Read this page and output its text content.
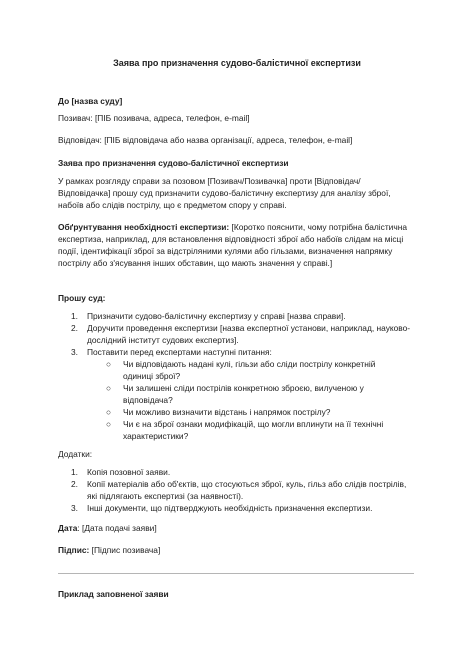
Заява про призначення судово-балістичної експертизи
До [назва суду]
Позивач: [ПІБ позивача, адреса, телефон, e-mail]
Відповідач: [ПІБ відповідача або назва організації, адреса, телефон, e-mail]
Заява про призначення судово-балістичної експертизи
У рамках розгляду справи за позовом [Позивач/Позивачка] проти [Відповідач/Відповідачка] прошу суд призначити судово-балістичну експертизу для аналізу зброї, набоїв або слідів пострілу, що є предметом спору у справі.
Обґрунтування необхідності експертизи: [Коротко пояснити, чому потрібна балістична експертиза, наприклад, для встановлення відповідності зброї або набоїв слідам на місці події, ідентифікації зброї за відстріляними кулями або гільзами, визначення напрямку пострілу або з'ясування інших обставин, що мають значення у справі.]
Прошу суд:
1. Призначити судово-балістичну експертизу у справі [назва справи].
2. Доручити проведення експертизи [назва експертної установи, наприклад, науково-дослідний інститут судових експертиз].
3. Поставити перед експертами наступні питання:
○ Чи відповідають надані кулі, гільзи або сліди пострілу конкретній одиниці зброї?
○ Чи залишені сліди пострілів конкретною зброєю, вилученою у відповідача?
○ Чи можливо визначити відстань і напрямок пострілу?
○ Чи є на зброї ознаки модифікацій, що могли вплинути на її технічні характеристики?
Додатки:
1. Копія позовної заяви.
2. Копії матеріалів або об'єктів, що стосуються зброї, куль, гільз або слідів пострілів, які підлягають експертизі (за наявності).
3. Інші документи, що підтверджують необхідність призначення експертизи.
Дата: [Дата подачі заяви]
Підпис: [Підпис позивача]
Приклад заповненої заяви
